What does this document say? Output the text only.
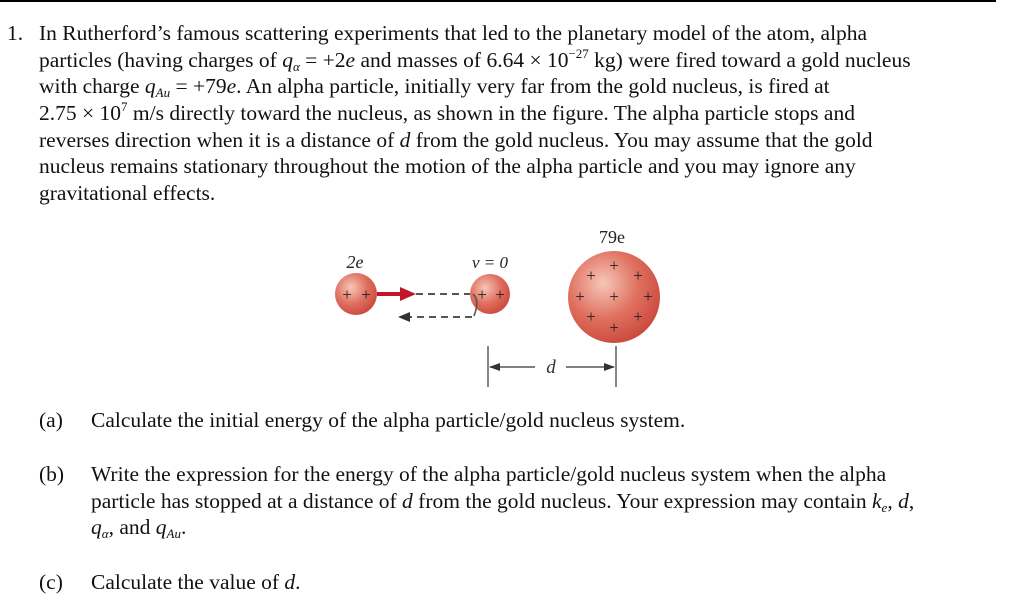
1. In Rutherford’s famous scattering experiments that led to the planetary model of the atom, alpha
particles (having charges of $q_\alpha = +2e$ and masses of $6.64 \times 10^{-27}$ kg) were fired toward a gold nucleus
with charge $q_{Au} = +79e$. An alpha particle, initially very far from the gold nucleus, is fired at
$2.75 \times 10^7$ m/s directly toward the nucleus, as shown in the figure. The alpha particle stops and
reverses direction when it is a distance of d from the gold nucleus. You may assume that the gold
nucleus remains stationary throughout the motion of the alpha particle and you may ignore any
gravitational effects.
+ +
2e
+ +
v = 0	+
+ +
+ + +
+ +
+
79e
d
(a) Calculate the initial energy of the alpha particle/gold nucleus system.
(b) Write the expression for the energy of the alpha particle/gold nucleus system when the alpha
particle has stopped at a distance of d from the gold nucleus. Your expression may contain $k_e$, d,
$q_\alpha$, and $q_{Au}$.
(c) Calculate the value of d.
